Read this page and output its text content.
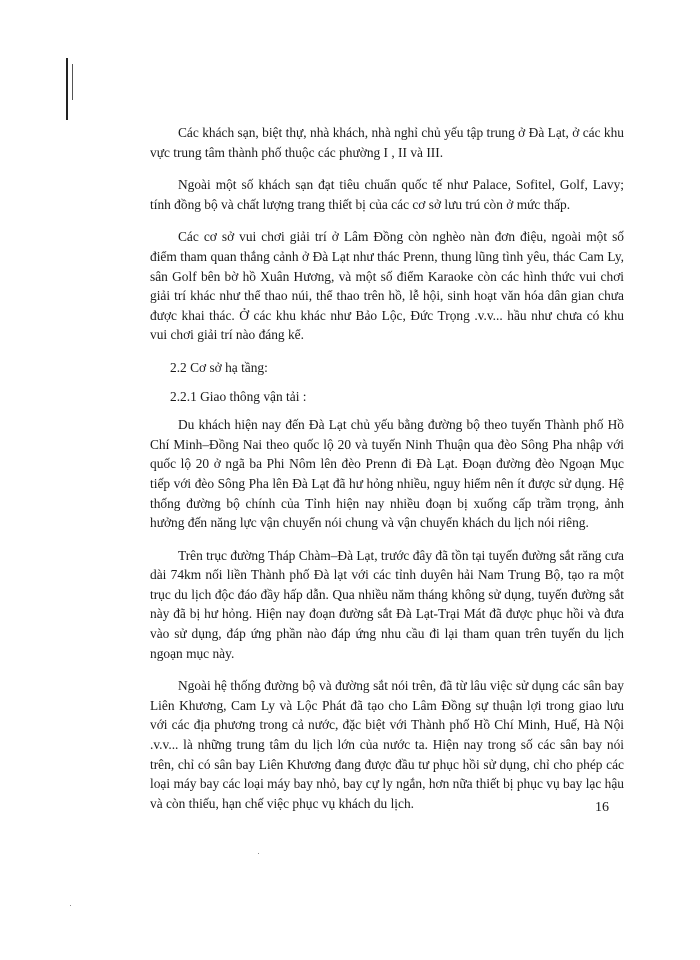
Các khách sạn, biệt thự, nhà khách, nhà nghỉ chủ yếu tập trung ở Đà Lạt, ở các khu vực trung tâm thành phố thuộc các phường I , II và III.

Ngoài một số khách sạn đạt tiêu chuẩn quốc tế như Palace, Sofitel, Golf, Lavy; tính đồng bộ và chất lượng trang thiết bị của các cơ sở lưu trú còn ở mức thấp.

Các cơ sở vui chơi giải trí ở Lâm Đồng còn nghèo nàn đơn điệu, ngoài một số điểm tham quan thắng cảnh ở Đà Lạt như thác Prenn, thung lũng tình yêu, thác Cam Ly, sân Golf bên bờ hồ Xuân Hương, và một số điểm Karaoke còn các hình thức vui chơi giải trí khác như thể thao núi, thể thao trên hồ, lễ hội, sinh hoạt văn hóa dân gian chưa được khai thác. Ở các khu khác như Bảo Lộc, Đức Trọng .v.v... hầu như chưa có khu vui chơi giải trí nào đáng kể.

2.2 Cơ sở hạ tầng:

2.2.1 Giao thông vận tải :

Du khách hiện nay đến Đà Lạt chủ yếu bằng đường bộ theo tuyến Thành phố Hồ Chí Minh–Đồng Nai theo quốc lộ 20 và tuyến Ninh Thuận qua đèo Sông Pha nhập với quốc lộ 20 ở ngã ba Phi Nôm lên đèo Prenn đi Đà Lạt. Đoạn đường đèo Ngoạn Mục tiếp với đèo Sông Pha lên Đà Lạt đã hư hỏng nhiều, nguy hiểm nên ít được sử dụng. Hệ thống đường bộ chính của Tỉnh hiện nay nhiều đoạn bị xuống cấp trầm trọng, ảnh hưởng đến năng lực vận chuyển nói chung và vận chuyển khách du lịch nói riêng.

Trên trục đường Tháp Chàm–Đà Lạt, trước đây đã tồn tại tuyến đường sắt răng cưa dài 74km nối liền Thành phố Đà lạt với các tỉnh duyên hải Nam Trung Bộ, tạo ra một trục du lịch độc đáo đầy hấp dẫn. Qua nhiều năm tháng không sử dụng, tuyến đường sắt này đã bị hư hỏng. Hiện nay đoạn đường sắt Đà Lạt-Trại Mát đã được phục hồi và đưa vào sử dụng, đáp ứng phần nào đáp ứng nhu cầu đi lại tham quan trên tuyến du lịch ngoạn mục này.

Ngoài hệ thống đường bộ và đường sắt nói trên, đã từ lâu việc sử dụng các sân bay Liên Khương, Cam Ly và Lộc Phát đã tạo cho Lâm Đồng sự thuận lợi trong giao lưu với các địa phương trong cả nước, đặc biệt với Thành phố Hồ Chí Minh, Huế, Hà Nội .v.v... là những trung tâm du lịch lớn của nước ta. Hiện nay trong số các sân bay nói trên, chỉ có sân bay Liên Khương đang được đầu tư phục hồi sử dụng, chỉ cho phép các loại máy bay các loại máy bay nhỏ, bay cự ly ngắn, hơn nữa thiết bị phục vụ bay lạc hậu và còn thiếu, hạn chế việc phục vụ khách du lịch.	16
